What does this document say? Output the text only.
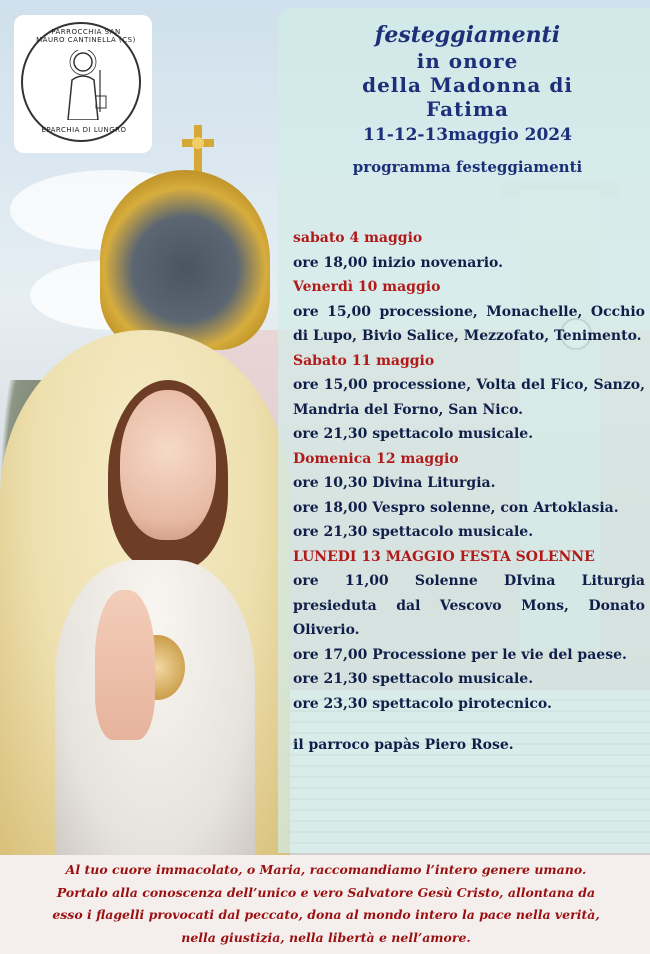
PARROCCHIA SAN MAURO CANTINELLA (CS)
EPARCHIA DI LUNGRO
festeggiamenti
in onore
della Madonna di
Fatima
11-12-13maggio 2024
programma festeggiamenti
sabato 4 maggio
ore 18,00 inizio novenario.
Venerdì 10 maggio
ore 15,00 processione, Monachelle, Occhio di Lupo, Bivio Salice, Mezzofato, Tenimento.
Sabato 11 maggio
ore 15,00 processione, Volta del Fico, Sanzo, Mandria del Forno, San Nico.
ore 21,30 spettacolo musicale.
Domenica 12 maggio
ore 10,30 Divina Liturgia.
ore 18,00 Vespro solenne, con Artoklasia.
ore 21,30 spettacolo musicale.
LUNEDI 13 MAGGIO FESTA SOLENNE
ore 11,00 Solenne DIvina Liturgia presieduta dal Vescovo Mons, Donato Oliverio.
ore 17,00 Processione per le vie del paese.
ore 21,30 spettacolo musicale.
ore 23,30 spettacolo pirotecnico.
il parroco papàs Piero Rose.
Al tuo cuore immacolato, o Maria, raccomandiamo l’intero genere umano.
Portalo alla conoscenza dell’unico e vero Salvatore Gesù Cristo, allontana da
esso i flagelli provocati dal peccato, dona al mondo intero la pace nella verità,
nella giustizia, nella libertà e nell’amore.
